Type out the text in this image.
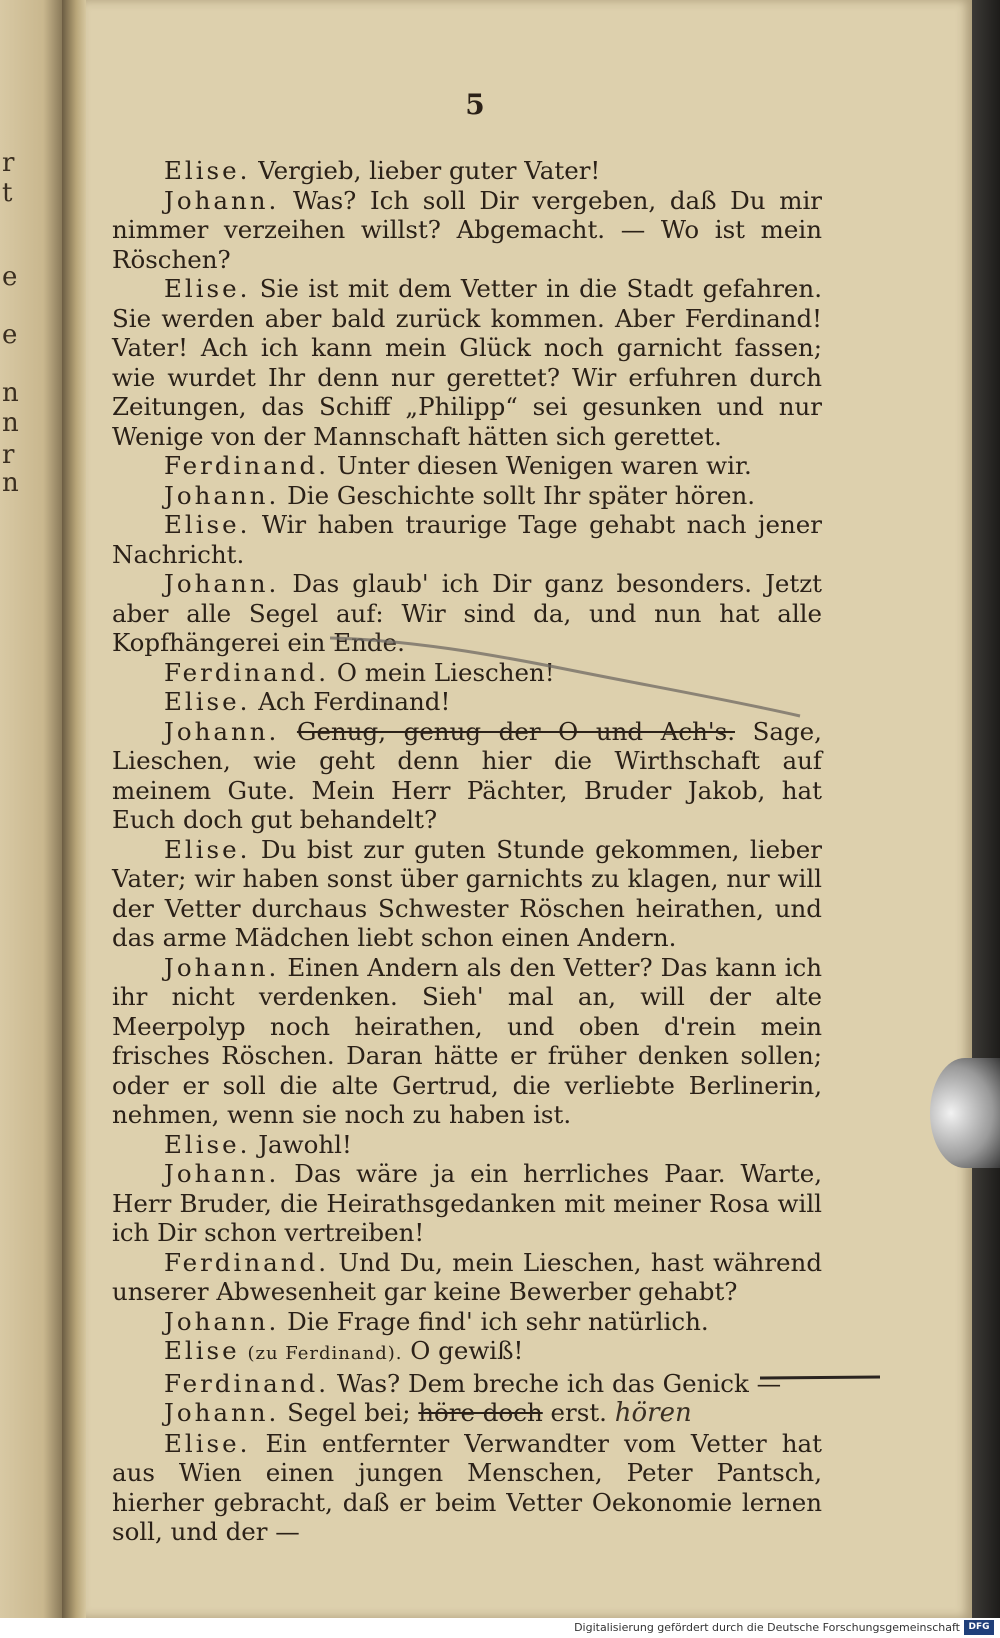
r
t
e
e
n
n
r
n
5

Elise. Vergieb, lieber guter Vater!

Johann. Was? Ich soll Dir vergeben, daß Du mir nimmer verzeihen willst? Abgemacht. — Wo ist mein Röschen?

Elise. Sie ist mit dem Vetter in die Stadt gefahren. Sie werden aber bald zurück kommen. Aber Ferdinand! Vater! Ach ich kann mein Glück noch garnicht fassen; wie wurdet Ihr denn nur gerettet? Wir erfuhren durch Zeitungen, das Schiff „Philipp“ sei gesunken und nur Wenige von der Mannschaft hätten sich gerettet.

Ferdinand. Unter diesen Wenigen waren wir.

Johann. Die Geschichte sollt Ihr später hören.

Elise. Wir haben traurige Tage gehabt nach jener Nachricht.

Johann. Das glaub' ich Dir ganz besonders. Jetzt aber alle Segel auf: Wir sind da, und nun hat alle Kopfhängerei ein Ende.

Ferdinand. O mein Lieschen!

Elise. Ach Ferdinand!

Johann. Genug, genug der O und Ach's. Sage, Lieschen, wie geht denn hier die Wirthschaft auf meinem Gute. Mein Herr Pächter, Bruder Jakob, hat Euch doch gut behandelt?

Elise. Du bist zur guten Stunde gekommen, lieber Vater; wir haben sonst über garnichts zu klagen, nur will der Vetter durchaus Schwester Röschen heirathen, und das arme Mädchen liebt schon einen Andern.

Johann. Einen Andern als den Vetter? Das kann ich ihr nicht verdenken. Sieh' mal an, will der alte Meerpolyp noch heirathen, und oben d'rein mein frisches Röschen. Daran hätte er früher denken sollen; oder er soll die alte Gertrud, die verliebte Berlinerin, nehmen, wenn sie noch zu haben ist.

Elise. Jawohl!

Johann. Das wäre ja ein herrliches Paar. Warte, Herr Bruder, die Heirathsgedanken mit meiner Rosa will ich Dir schon vertreiben!

Ferdinand. Und Du, mein Lieschen, hast während unserer Abwesenheit gar keine Bewerber gehabt?

Johann. Die Frage find' ich sehr natürlich.

Elise (zu Ferdinand). O gewiß!

Ferdinand. Was? Dem breche ich das Genick —

Johann. Segel bei; höre doch erst. hören

Elise. Ein entfernter Verwandter vom Vetter hat aus Wien einen jungen Menschen, Peter Pantsch, hierher gebracht, daß er beim Vetter Oekonomie lernen soll, und der —

Digitalisierung gefördert durch die Deutsche Forschungsgemeinschaft DFG
